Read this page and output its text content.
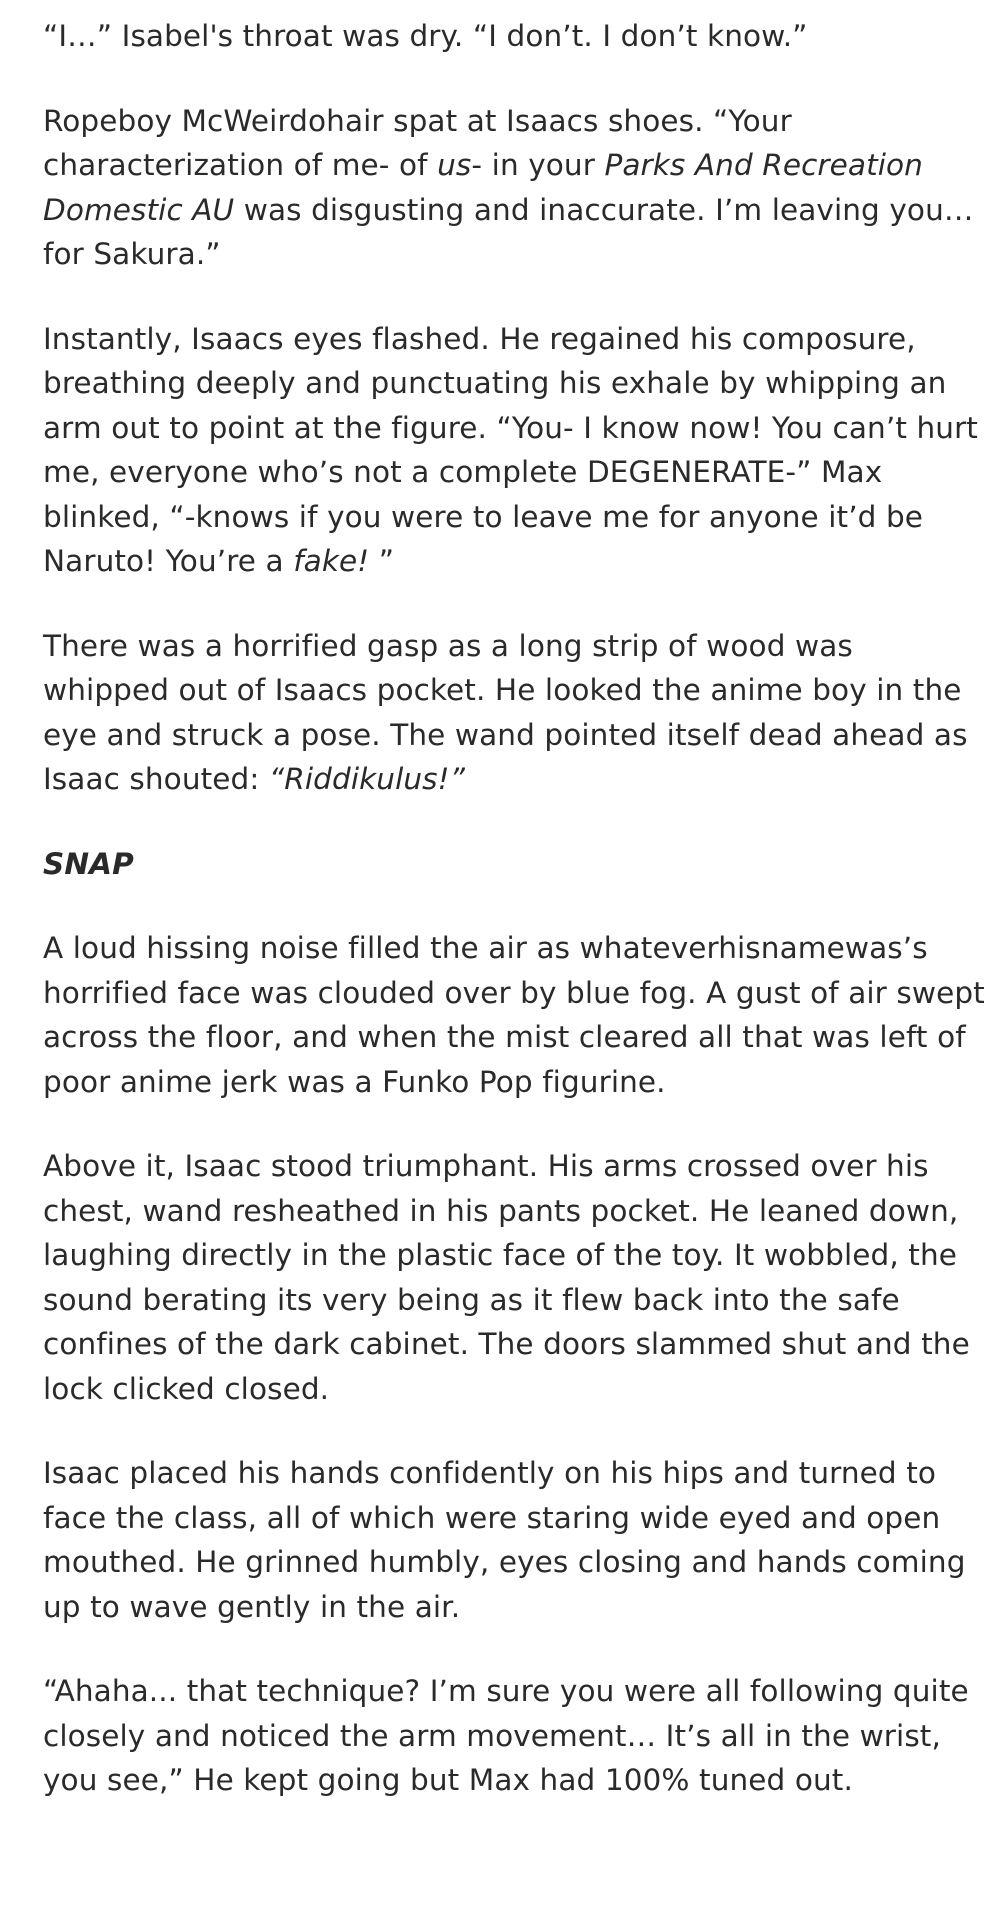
“I…” Isabel's throat was dry. “I don’t. I don’t know.”

Ropeboy McWeirdohair spat at Isaacs shoes. “Your characterization of me- of us- in your Parks And Recreation Domestic AU was disgusting and inaccurate. I’m leaving you… for Sakura.”

Instantly, Isaacs eyes flashed. He regained his composure, breathing deeply and punctuating his exhale by whipping an arm out to point at the figure. “You- I know now! You can’t hurt me, everyone who’s not a complete DEGENERATE-” Max blinked, “-knows if you were to leave me for anyone it’d be Naruto! You’re a fake! ”

There was a horrified gasp as a long strip of wood was whipped out of Isaacs pocket. He looked the anime boy in the eye and struck a pose. The wand pointed itself dead ahead as Isaac shouted: “Riddikulus!”

SNAP

A loud hissing noise filled the air as whateverhisnamewas’s horrified face was clouded over by blue fog. A gust of air swept across the floor, and when the mist cleared all that was left of poor anime jerk was a Funko Pop figurine.

Above it, Isaac stood triumphant. His arms crossed over his chest, wand resheathed in his pants pocket. He leaned down, laughing directly in the plastic face of the toy. It wobbled, the sound berating its very being as it flew back into the safe confines of the dark cabinet. The doors slammed shut and the lock clicked closed.

Isaac placed his hands confidently on his hips and turned to face the class, all of which were staring wide eyed and open mouthed. He grinned humbly, eyes closing and hands coming up to wave gently in the air.

“Ahaha... that technique? I’m sure you were all following quite closely and noticed the arm movement… It’s all in the wrist, you see,” He kept going but Max had 100% tuned out.
